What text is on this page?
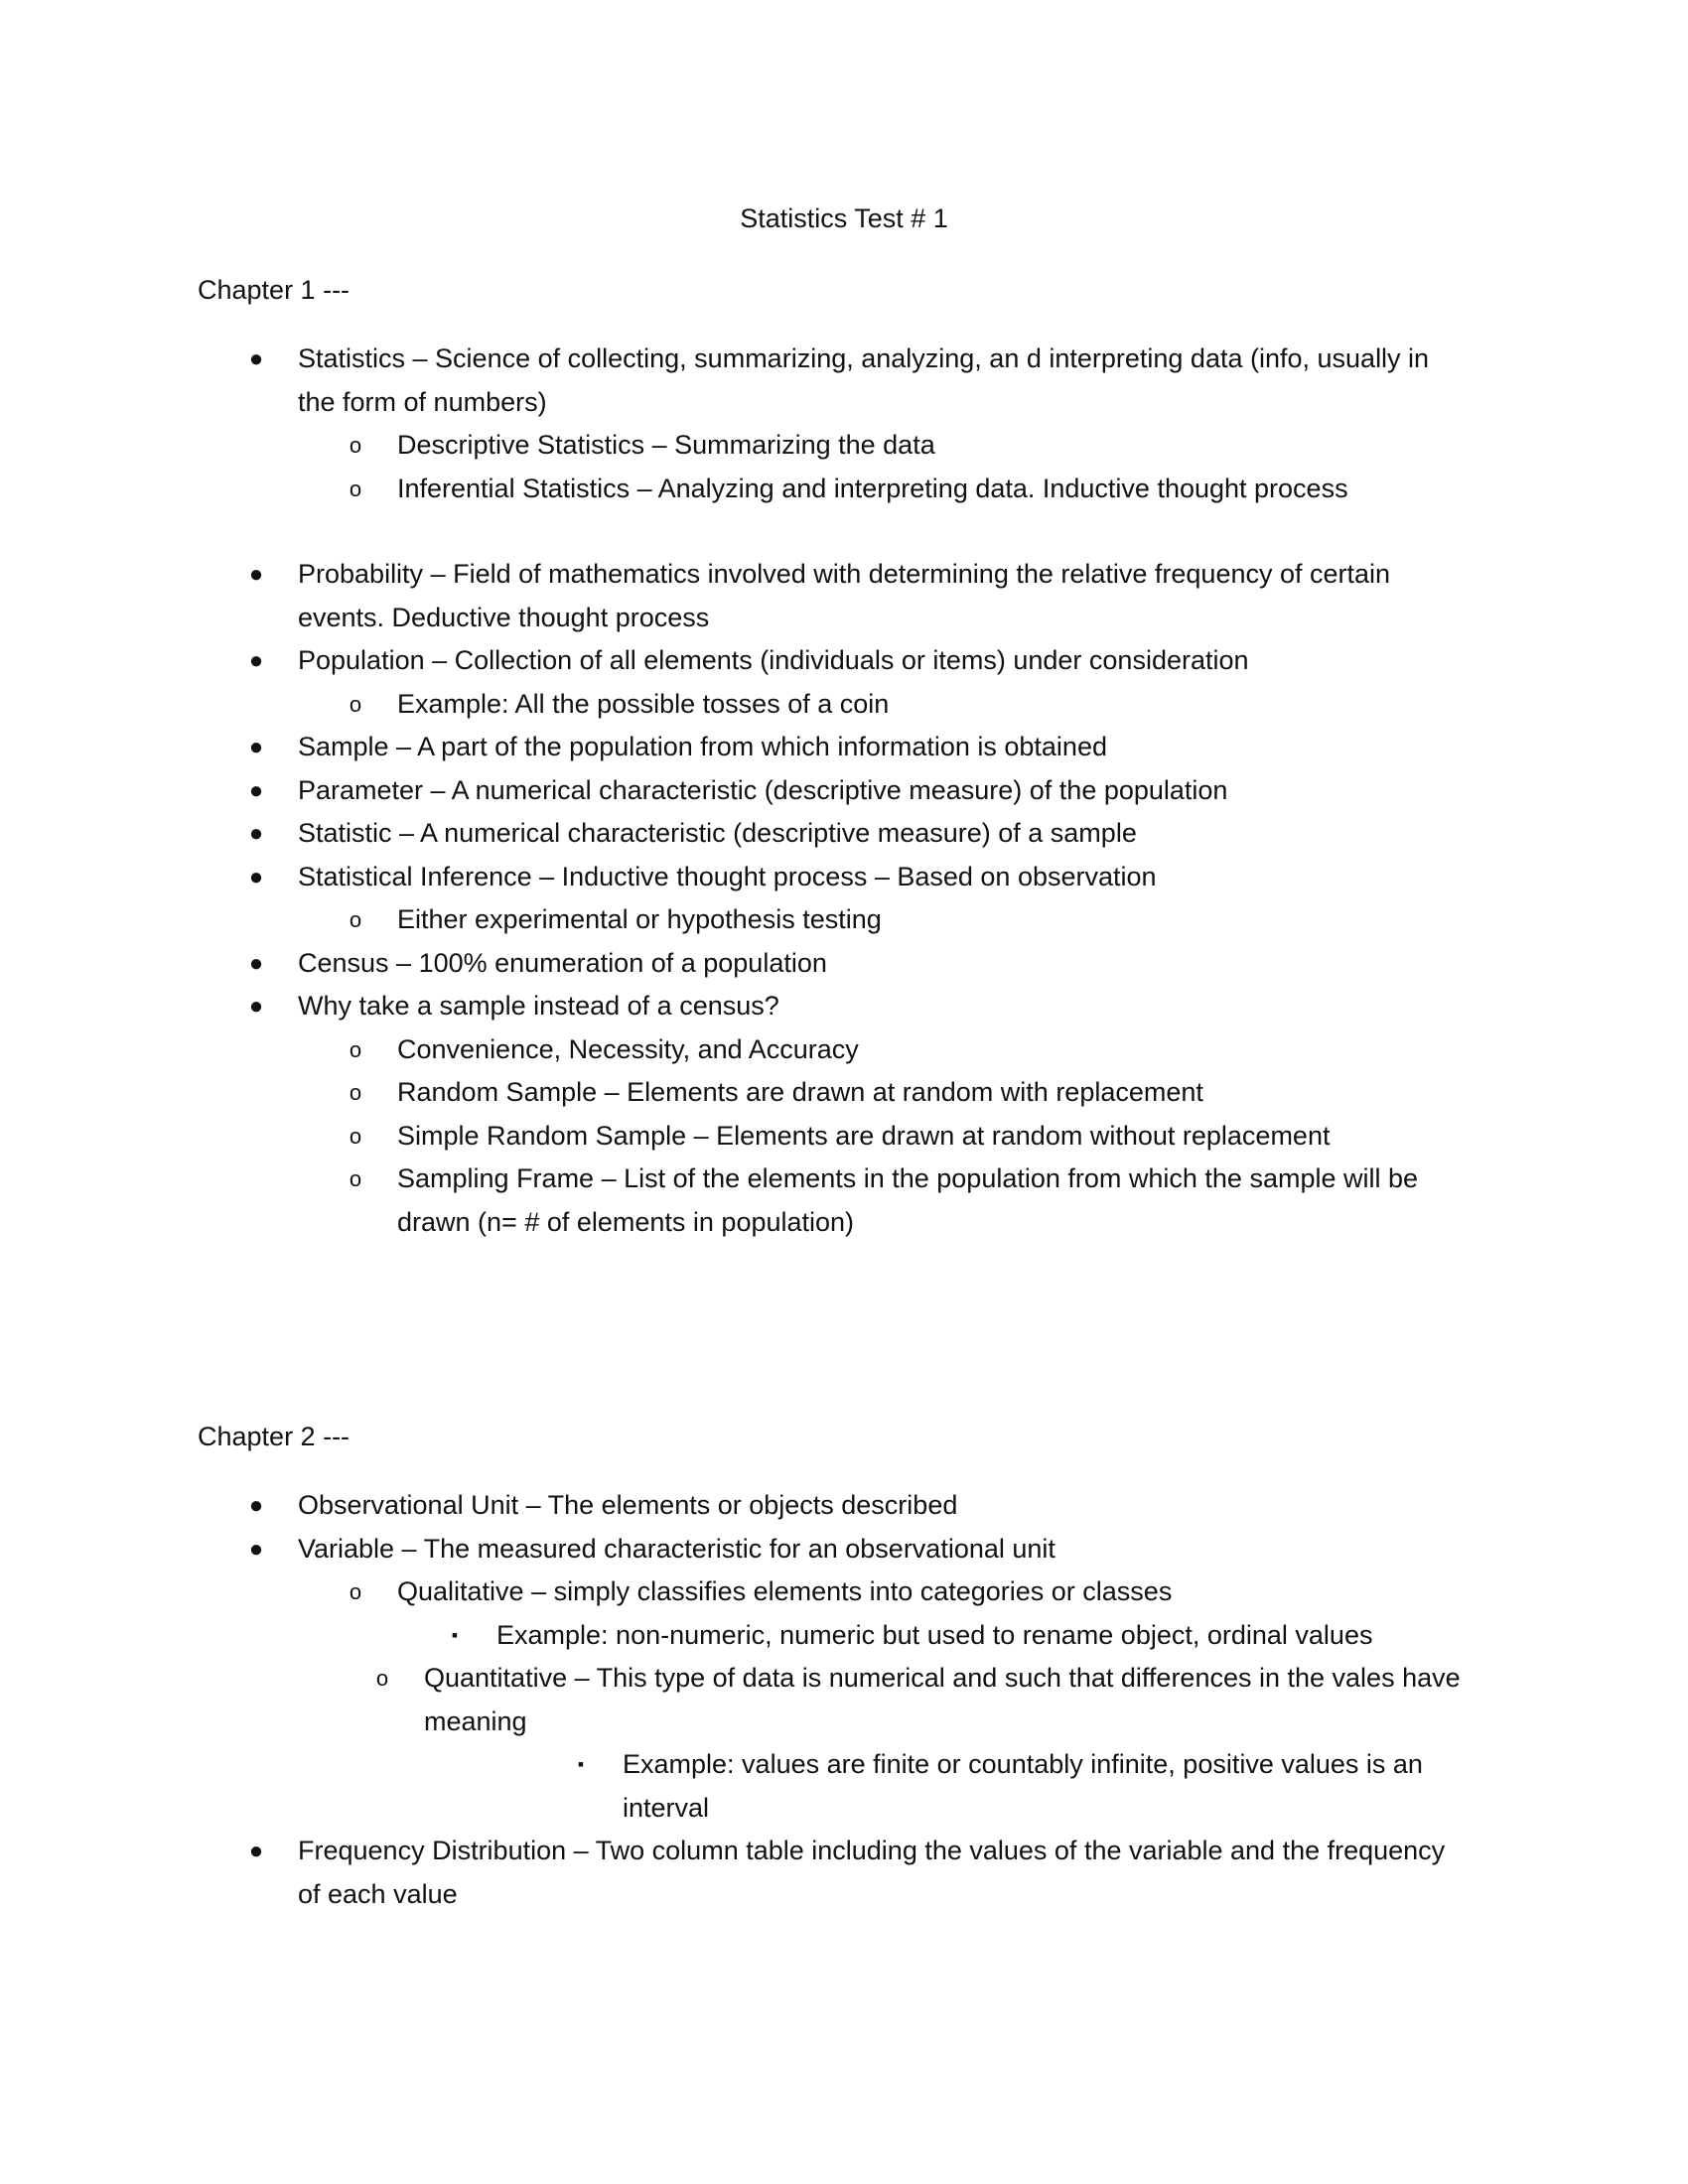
Statistics Test # 1
Chapter 1 ---
● Statistics – Science of collecting, summarizing, analyzing, an d interpreting data (info, usually in the form of numbers)
o	Descriptive Statistics – Summarizing the data
o	Inferential Statistics – Analyzing and interpreting data. Inductive thought process
● Probability – Field of mathematics involved with determining the relative frequency of certain events. Deductive thought process
● Population – Collection of all elements (individuals or items) under consideration
o	Example: All the possible tosses of a coin
● Sample – A part of the population from which information is obtained
● Parameter – A numerical characteristic (descriptive measure) of the population
● Statistic – A numerical characteristic (descriptive measure) of a sample
● Statistical Inference – Inductive thought process – Based on observation
o	Either experimental or hypothesis testing
● Census – 100% enumeration of a population
● Why take a sample instead of a census?
o	Convenience, Necessity, and Accuracy
o	Random Sample – Elements are drawn at random with replacement
o	Simple Random Sample – Elements are drawn at random without replacement
o	Sampling Frame – List of the elements in the population from which the sample will be drawn (n= # of elements in population)
Chapter 2 ---
● Observational Unit – The elements or objects described
● Variable – The measured characteristic for an observational unit
o	Qualitative – simply classifies elements into categories or classes
▪	Example: non-numeric, numeric but used to rename object, ordinal values
o	Quantitative – This type of data is numerical and such that differences in the vales have meaning
▪	Example: values are finite or countably infinite, positive values is an interval
● Frequency Distribution – Two column table including the values of the variable and the frequency of each value
